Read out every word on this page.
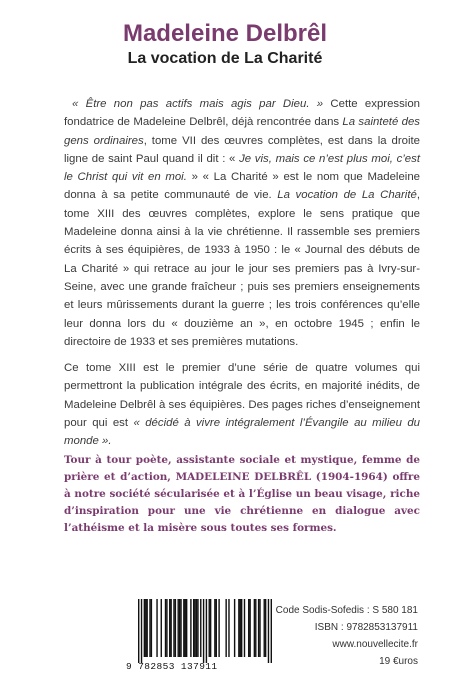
Madeleine Delbrêl
La vocation de La Charité

« Être non pas actifs mais agis par Dieu. » Cette expression fondatrice de Madeleine Delbrêl, déjà rencontrée dans La sainteté des gens ordinaires, tome VII des œuvres complètes, est dans la droite ligne de saint Paul quand il dit : « Je vis, mais ce n’est plus moi, c’est le Christ qui vit en moi. » « La Charité » est le nom que Madeleine donna à sa petite communauté de vie. La vocation de La Charité, tome XIII des œuvres complètes, explore le sens pratique que Madeleine donna ainsi à la vie chrétienne. Il rassemble ses premiers écrits à ses équipières, de 1933 à 1950 : le « Journal des débuts de La Charité » qui retrace au jour le jour ses premiers pas à Ivry-sur-Seine, avec une grande fraîcheur ; puis ses premiers enseignements et leurs mûrissements durant la guerre ; les trois conférences qu’elle leur donna lors du « douzième an », en octobre 1945 ; enfin le directoire de 1933 et ses premières mutations.

Ce tome XIII est le premier d’une série de quatre volumes qui permettront la publication intégrale des écrits, en majorité inédits, de Madeleine Delbrêl à ses équipières. Des pages riches d’enseignement pour qui est « décidé à vivre intégralement l’Évangile au milieu du monde ».

Tour à tour poète, assistante sociale et mystique, femme de prière et d’action, MADELEINE DELBRÊL (1904-1964) offre à notre société sécularisée et à l’Église un beau visage, riche d’inspiration pour une vie chrétienne en dialogue avec l’athéisme et la misère sous toutes ses formes.

9 782853 137911
Code Sodis-Sofedis : S 580 181
ISBN : 9782853137911
www.nouvellecite.fr
19 €uros
